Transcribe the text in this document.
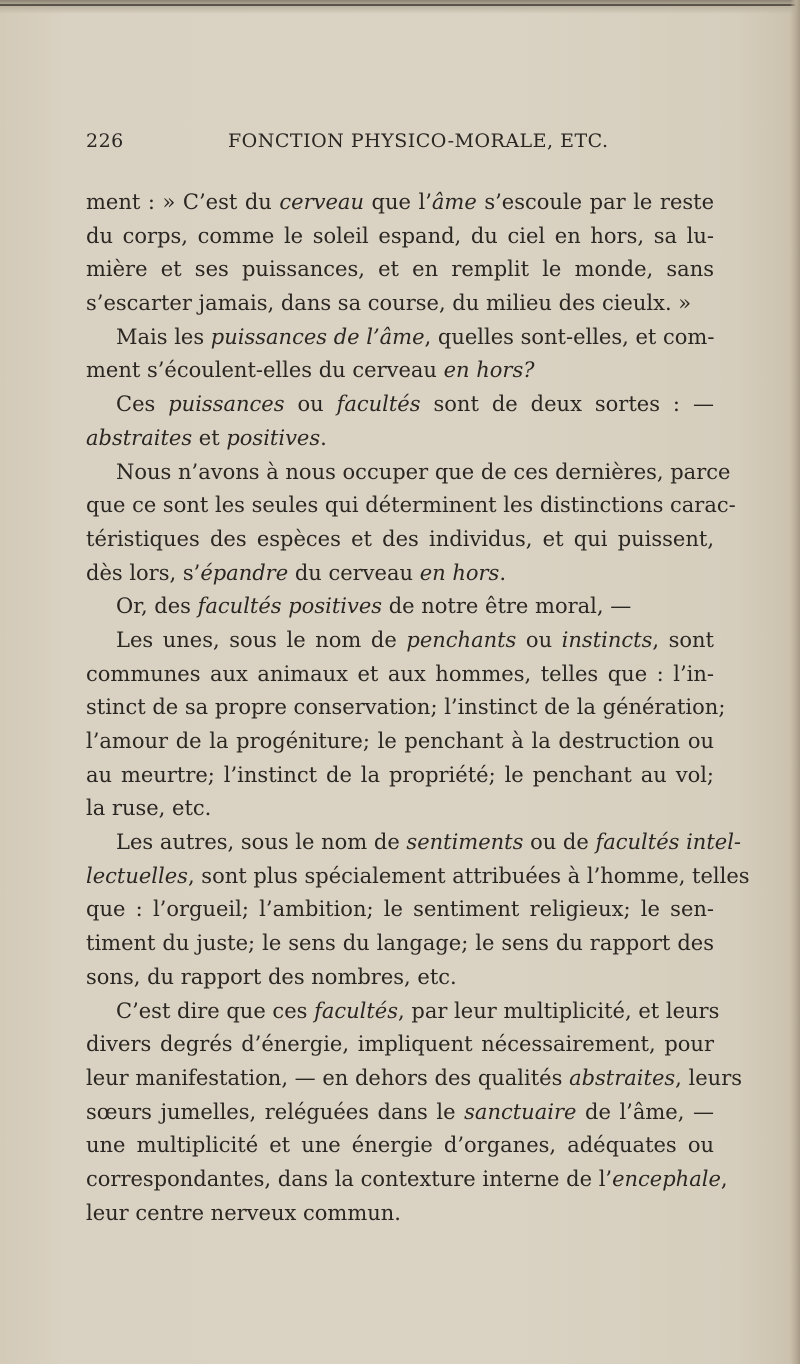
226	FONCTION PHYSICO-MORALE, ETC.
ment : » C’est du cerveau que l’âme s’escoule par le reste
du corps, comme le soleil espand, du ciel en hors, sa lu-
mière et ses puissances, et en remplit le monde, sans
s’escarter jamais, dans sa course, du milieu des cieulx. »
Mais les puissances de l’âme, quelles sont-elles, et com-
ment s’écoulent-elles du cerveau en hors?
Ces puissances ou facultés sont de deux sortes : —
abstraites et positives.
Nous n’avons à nous occuper que de ces dernières, parce
que ce sont les seules qui déterminent les distinctions carac-
téristiques des espèces et des individus, et qui puissent,
dès lors, s’épandre du cerveau en hors.
Or, des facultés positives de notre être moral, —
Les unes, sous le nom de penchants ou instincts, sont
communes aux animaux et aux hommes, telles que : l’in-
stinct de sa propre conservation; l’instinct de la génération;
l’amour de la progéniture; le penchant à la destruction ou
au meurtre; l’instinct de la propriété; le penchant au vol;
la ruse, etc.
Les autres, sous le nom de sentiments ou de facultés intel-
lectuelles, sont plus spécialement attribuées à l’homme, telles
que : l’orgueil; l’ambition; le sentiment religieux; le sen-
timent du juste; le sens du langage; le sens du rapport des
sons, du rapport des nombres, etc.
C’est dire que ces facultés, par leur multiplicité, et leurs
divers degrés d’énergie, impliquent nécessairement, pour
leur manifestation, — en dehors des qualités abstraites, leurs
sœurs jumelles, reléguées dans le sanctuaire de l’âme, —
une multiplicité et une énergie d’organes, adéquates ou
correspondantes, dans la contexture interne de l’encephale,
leur centre nerveux commun.
